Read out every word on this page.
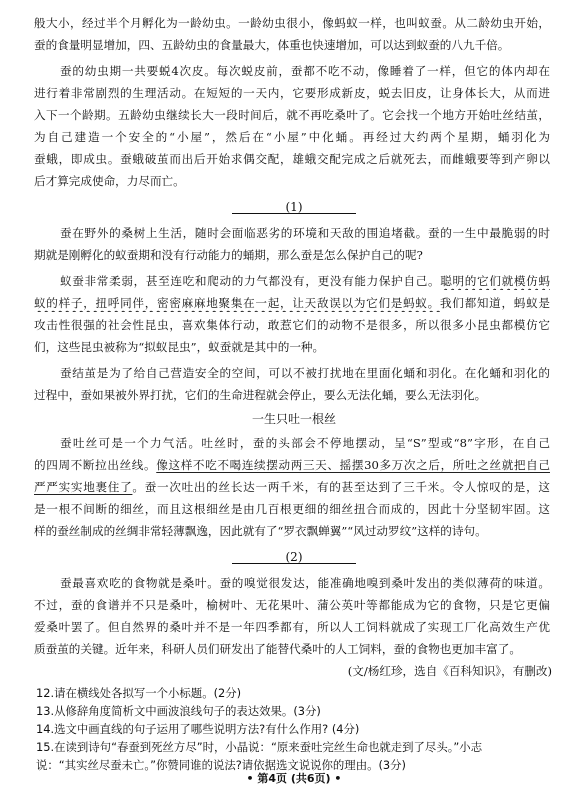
般大小，经过半个月孵化为一龄幼虫。一龄幼虫很小，像蚂蚁一样，也叫蚁蚕。从二龄幼虫开始，
蚕的食量明显增加，四、五龄幼虫的食量最大，体重也快速增加，可以达到蚁蚕的八九千倍。
蚕的幼虫期一共要蜕4次皮。每次蜕皮前，蚕都不吃不动，像睡着了一样，但它的体内却在
进行着非常剧烈的生理活动。在短短的一天内，它要形成新皮，蜕去旧皮，让身体长大，从而进
入下一个龄期。五龄幼虫继续长大一段时间后，就不再吃桑叶了。它会找一个地方开始吐丝结茧，
为自己建造一个安全的“小屋”，然后在“小屋”中化蛹。再经过大约两个星期，蛹羽化为
蚕蛾，即成虫。蚕蛾破茧而出后开始求偶交配，雄蛾交配完成之后就死去，而雌蛾要等到产卵以
后才算完成使命，力尽而亡。
(1)
蚕在野外的桑树上生活，随时会面临恶劣的环境和天敌的围追堵截。蚕的一生中最脆弱的时
期就是刚孵化的蚁蚕期和没有行动能力的蛹期，那么蚕是怎么保护自己的呢?
蚁蚕非常柔弱，甚至连吃和爬动的力气都没有，更没有能力保护自己。聪明的它们就模仿蚂
蚁的样子，扭呼同伴，密密麻麻地聚集在一起，让天敌误以为它们是蚂蚁。我们都知道，蚂蚁是
攻击性很强的社会性昆虫，喜欢集体行动，敢惹它们的动物不是很多，所以很多小昆虫都模仿它
们，这些昆虫被称为“拟蚁昆虫”，蚁蚕就是其中的一种。
蚕结茧是为了给自己营造安全的空间，可以不被打扰地在里面化蛹和羽化。在化蛹和羽化的
过程中，蚕如果被外界打扰，它们的生命进程就会停止，要么无法化蛹，要么无法羽化。
一生只吐一根丝
蚕吐丝可是一个力气活。吐丝时，蚕的头部会不停地摆动，呈“S”型或“8”字形，在自己
的四周不断拉出丝线。像这样不吃不喝连续摆动两三天、摇摆30多万次之后，所吐之丝就把自己
严严实实地裹住了。蚕一次吐出的丝长达一两千米，有的甚至达到了三千米。令人惊叹的是，这
是一根不间断的细丝，而且这根细丝是由几百根更细的细丝扭合而成的，因此十分坚韧牢固。这
样的蚕丝制成的丝绸非常轻薄飘逸，因此就有了“罗衣飘蝉翼”“风过动罗纹”这样的诗句。
(2)
蚕最喜欢吃的食物就是桑叶。蚕的嗅觉很发达，能准确地嗅到桑叶发出的类似薄荷的味道。
不过，蚕的食谱并不只是桑叶，榆树叶、无花果叶、蒲公英叶等都能成为它的食物，只是它更偏
爱桑叶罢了。但自然界的桑叶并不是一年四季都有，所以人工饲料就成了实现工厂化高效生产优
质蚕茧的关键。近年来，科研人员们研发出了能替代桑叶的人工饲料，蚕的食物也更加丰富了。
(文/杨红珍，选自《百科知识》，有删改)
12.请在横线处各拟写一个小标题。(2分)
13.从修辞角度简析文中画波浪线句子的表达效果。(3分)
14.选文中画直线的句子运用了哪些说明方法?有什么作用? (4分)
15.在读到诗句“春蚕到死丝方尽”时，小晶说：“原来蚕吐完丝生命也就走到了尽头。”小志
说：“其实丝尽蚕未亡。”你赞同谁的说法?请依据选文说说你的理由。(3分)
• 第4页 (共6页) •
